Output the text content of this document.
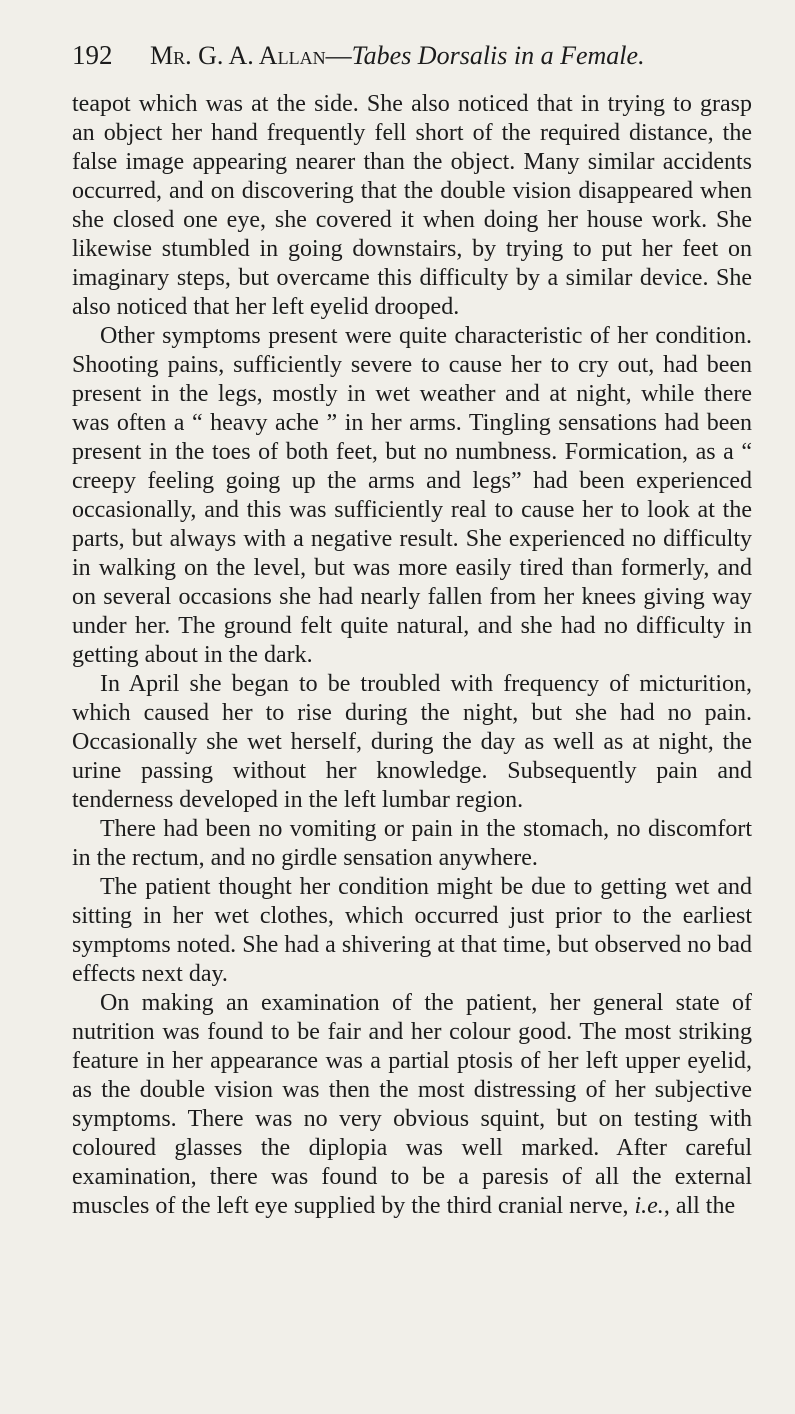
192	Mr. G. A. Allan—Tabes Dorsalis in a Female.

teapot which was at the side. She also noticed that in trying to grasp an object her hand frequently fell short of the required distance, the false image appearing nearer than the object. Many similar accidents occurred, and on discovering that the double vision disappeared when she closed one eye, she covered it when doing her house work. She likewise stumbled in going downstairs, by trying to put her feet on imaginary steps, but overcame this difficulty by a similar device. She also noticed that her left eyelid drooped.

Other symptoms present were quite characteristic of her condition. Shooting pains, sufficiently severe to cause her to cry out, had been present in the legs, mostly in wet weather and at night, while there was often a “ heavy ache ” in her arms. Tingling sensations had been present in the toes of both feet, but no numbness. Formication, as a “ creepy feeling going up the arms and legs” had been experienced occasionally, and this was sufficiently real to cause her to look at the parts, but always with a negative result. She experienced no difficulty in walking on the level, but was more easily tired than formerly, and on several occasions she had nearly fallen from her knees giving way under her. The ground felt quite natural, and she had no difficulty in getting about in the dark.

In April she began to be troubled with frequency of micturition, which caused her to rise during the night, but she had no pain. Occasionally she wet herself, during the day as well as at night, the urine passing without her knowledge. Subsequently pain and tenderness developed in the left lumbar region.

There had been no vomiting or pain in the stomach, no discomfort in the rectum, and no girdle sensation anywhere.

The patient thought her condition might be due to getting wet and sitting in her wet clothes, which occurred just prior to the earliest symptoms noted. She had a shivering at that time, but observed no bad effects next day.

On making an examination of the patient, her general state of nutrition was found to be fair and her colour good. The most striking feature in her appearance was a partial ptosis of her left upper eyelid, as the double vision was then the most distressing of her subjective symptoms. There was no very obvious squint, but on testing with coloured glasses the diplopia was well marked. After careful examination, there was found to be a paresis of all the external muscles of the left eye supplied by the third cranial nerve, i.e., all the
